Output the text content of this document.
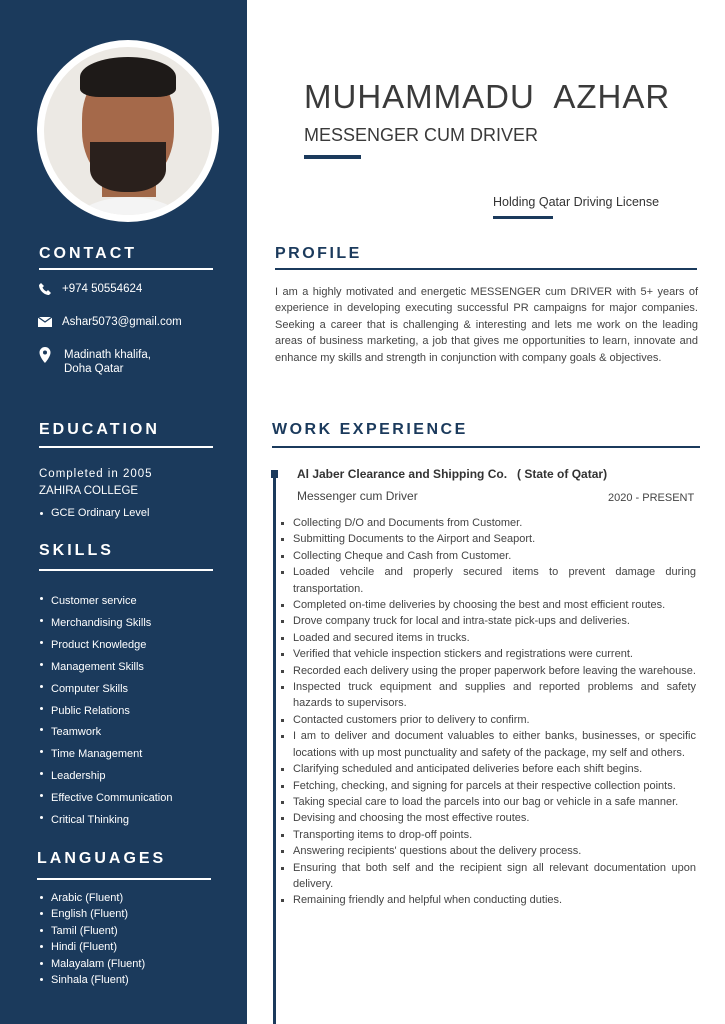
CONTACT
+974 50554624
Ashar5073@gmail.com
Madinath khalifa,
Doha Qatar
EDUCATION
Completed in 2005
ZAHIRA COLLEGE
GCE Ordinary Level
SKILLS
Customer service
Merchandising Skills
Product Knowledge
Management Skills
Computer Skills
Public Relations
Teamwork
Time Management
Leadership
Effective Communication
Critical Thinking
LANGUAGES
Arabic (Fluent)
English (Fluent)
Tamil (Fluent)
Hindi (Fluent)
Malayalam (Fluent)
Sinhala (Fluent)
MUHAMMADU  AZHAR
MESSENGER CUM DRIVER
Holding Qatar Driving License
PROFILE
I am a highly motivated and energetic MESSENGER cum DRIVER with 5+ years of experience in developing executing successful PR campaigns for major companies. Seeking a career that is challenging & interesting and lets me work on the leading areas of business marketing, a job that gives me opportunities to learn, innovate and enhance my skills and strength in conjunction with company goals & objectives.
WORK EXPERIENCE
Al Jaber Clearance and Shipping Co.   ( State of Qatar)
Messenger cum Driver	2020 - PRESENT
Collecting D/O and Documents from Customer.
Submitting Documents to the Airport and Seaport.
Collecting Cheque and Cash from Customer.
Loaded vehcile and properly secured items to prevent damage during transportation.
Completed on-time deliveries by choosing the best and most efficient routes.
Drove company truck for local and intra-state pick-ups and deliveries.
Loaded and secured items in trucks.
Verified that vehicle inspection stickers and registrations were current.
Recorded each delivery using the proper paperwork before leaving the warehouse.
Inspected truck equipment and supplies and reported problems and safety hazards to supervisors.
Contacted customers prior to delivery to confirm.
I am to deliver and document valuables to either banks, businesses, or specific locations with up most punctuality and safety of the package, my self and others.
Clarifying scheduled and anticipated deliveries before each shift begins.
Fetching, checking, and signing for parcels at their respective collection points.
Taking special care to load the parcels into our bag or vehicle in a safe manner.
Devising and choosing the most effective routes.
Transporting items to drop-off points.
Answering recipients' questions about the delivery process.
Ensuring that both self and the recipient sign all relevant documentation upon delivery.
Remaining friendly and helpful when conducting duties.
